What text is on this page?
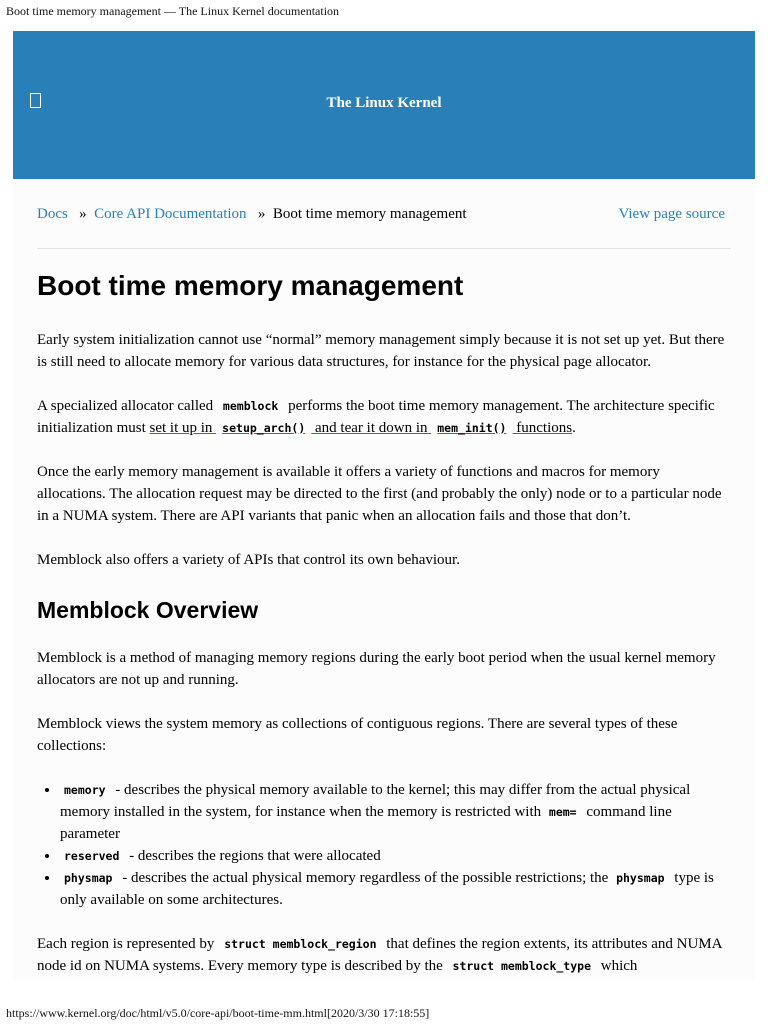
Boot time memory management — The Linux Kernel documentation
The Linux Kernel
Docs » Core API Documentation » Boot time memory management	View page source
Boot time memory management

Early system initialization cannot use “normal” memory management simply because it is not set up yet. But there is still need to allocate memory for various data structures, for instance for the physical page allocator.

A specialized allocator called memblock performs the boot time memory management. The architecture specific initialization must set it up in setup_arch() and tear it down in mem_init() functions.

Once the early memory management is available it offers a variety of functions and macros for memory allocations. The allocation request may be directed to the first (and probably the only) node or to a particular node in a NUMA system. There are API variants that panic when an allocation fails and those that don’t.

Memblock also offers a variety of APIs that control its own behaviour.

Memblock Overview

Memblock is a method of managing memory regions during the early boot period when the usual kernel memory allocators are not up and running.

Memblock views the system memory as collections of contiguous regions. There are several types of these collections:

• memory - describes the physical memory available to the kernel; this may differ from the actual physical memory installed in the system, for instance when the memory is restricted with mem= command line parameter
• reserved - describes the regions that were allocated
• physmap - describes the actual physical memory regardless of the possible restrictions; the physmap type is only available on some architectures.

Each region is represented by struct memblock_region that defines the region extents, its attributes and NUMA node id on NUMA systems. Every memory type is described by the struct memblock_type which

https://www.kernel.org/doc/html/v5.0/core-api/boot-time-mm.html[2020/3/30 17:18:55]
